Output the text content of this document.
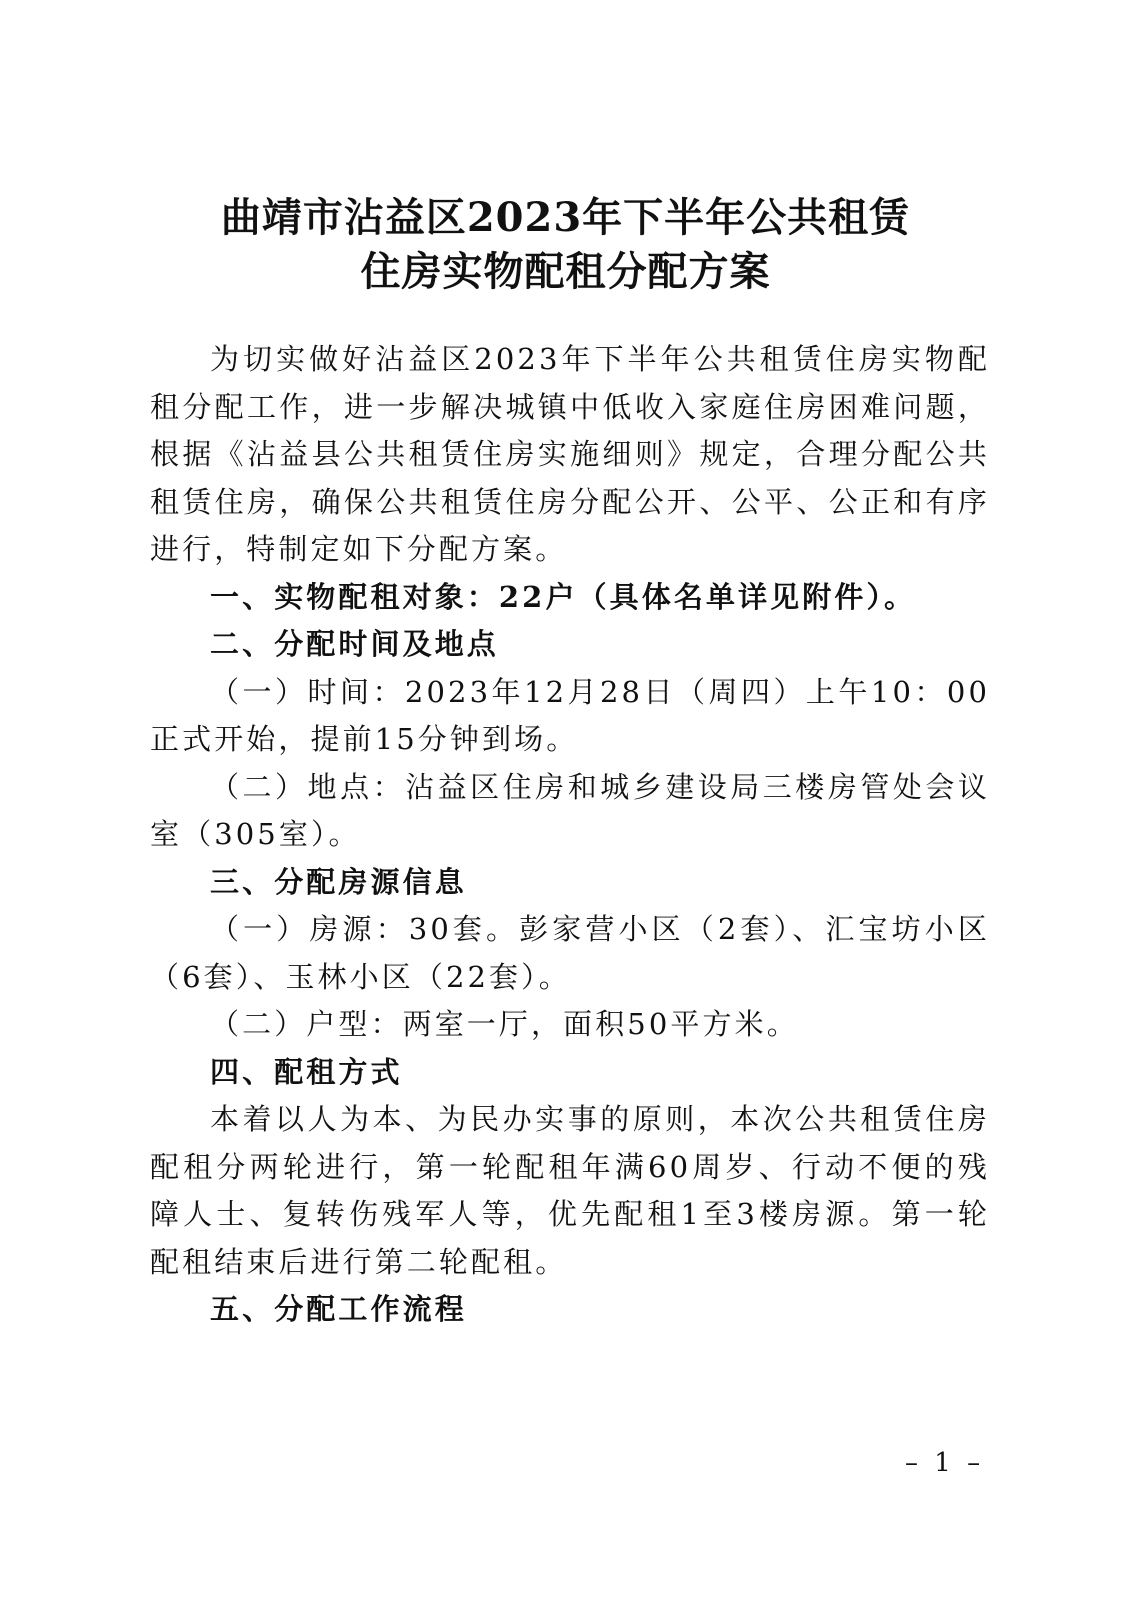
曲靖市沾益区2023年下半年公共租赁
住房实物配租分配方案

为切实做好沾益区2023年下半年公共租赁住房实物配租分配工作，进一步解决城镇中低收入家庭住房困难问题，根据《沾益县公共租赁住房实施细则》规定，合理分配公共租赁住房，确保公共租赁住房分配公开、公平、公正和有序进行，特制定如下分配方案。

一、实物配租对象：22户（具体名单详见附件）。

二、分配时间及地点

（一）时间：2023年12月28日（周四）上午10：00正式开始，提前15分钟到场。

（二）地点：沾益区住房和城乡建设局三楼房管处会议室（305室）。

三、分配房源信息

（一）房源：30套。彭家营小区（2套）、汇宝坊小区（6套）、玉林小区（22套）。

（二）户型：两室一厅，面积50平方米。

四、配租方式

本着以人为本、为民办实事的原则，本次公共租赁住房配租分两轮进行，第一轮配租年满60周岁、行动不便的残障人士、复转伤残军人等，优先配租1至3楼房源。第一轮配租结束后进行第二轮配租。

五、分配工作流程

– 1 –
